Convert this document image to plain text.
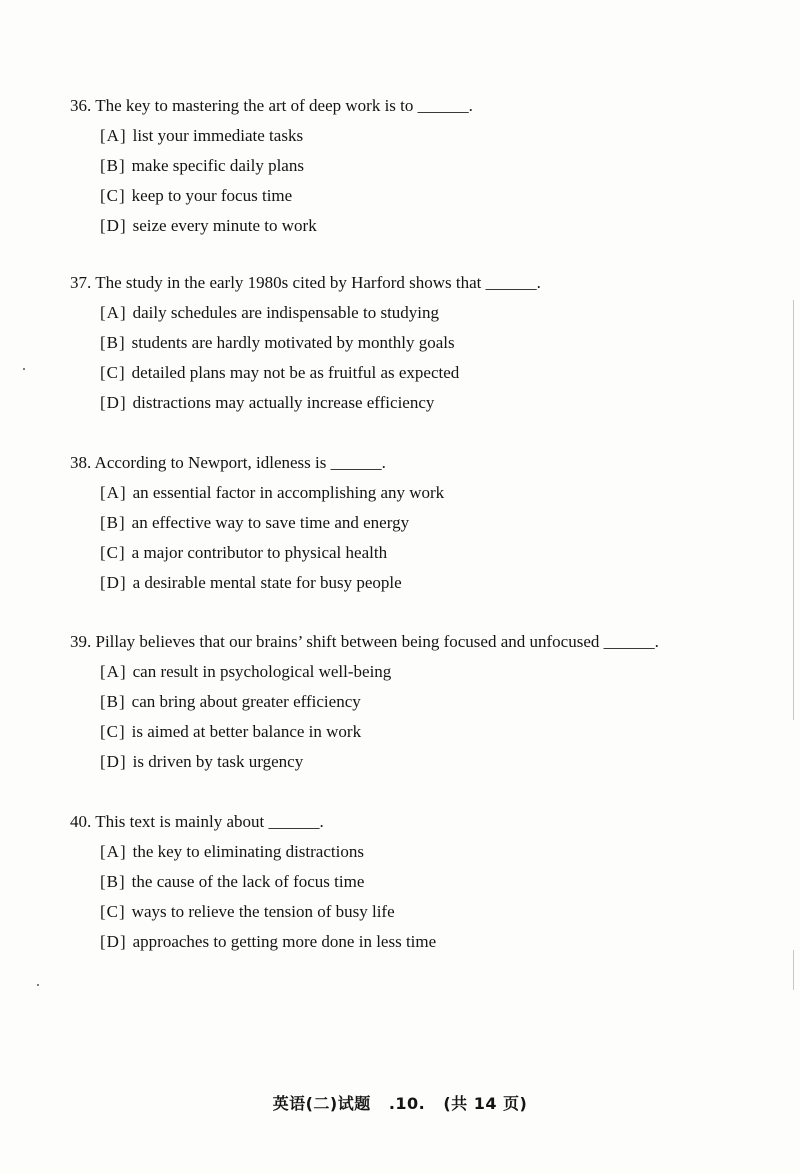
36. The key to mastering the art of deep work is to ______.
[A] list your immediate tasks
[B] make specific daily plans
[C] keep to your focus time
[D] seize every minute to work
37. The study in the early 1980s cited by Harford shows that ______.
[A] daily schedules are indispensable to studying
[B] students are hardly motivated by monthly goals
[C] detailed plans may not be as fruitful as expected
[D] distractions may actually increase efficiency
38. According to Newport, idleness is ______.
[A] an essential factor in accomplishing any work
[B] an effective way to save time and energy
[C] a major contributor to physical health
[D] a desirable mental state for busy people
39. Pillay believes that our brains’ shift between being focused and unfocused ______.
[A] can result in psychological well-being
[B] can bring about greater efficiency
[C] is aimed at better balance in work
[D] is driven by task urgency
40. This text is mainly about ______.
[A] the key to eliminating distractions
[B] the cause of the lack of focus time
[C] ways to relieve the tension of busy life
[D] approaches to getting more done in less time
英语(二)试题 .10. (共 14 页)
